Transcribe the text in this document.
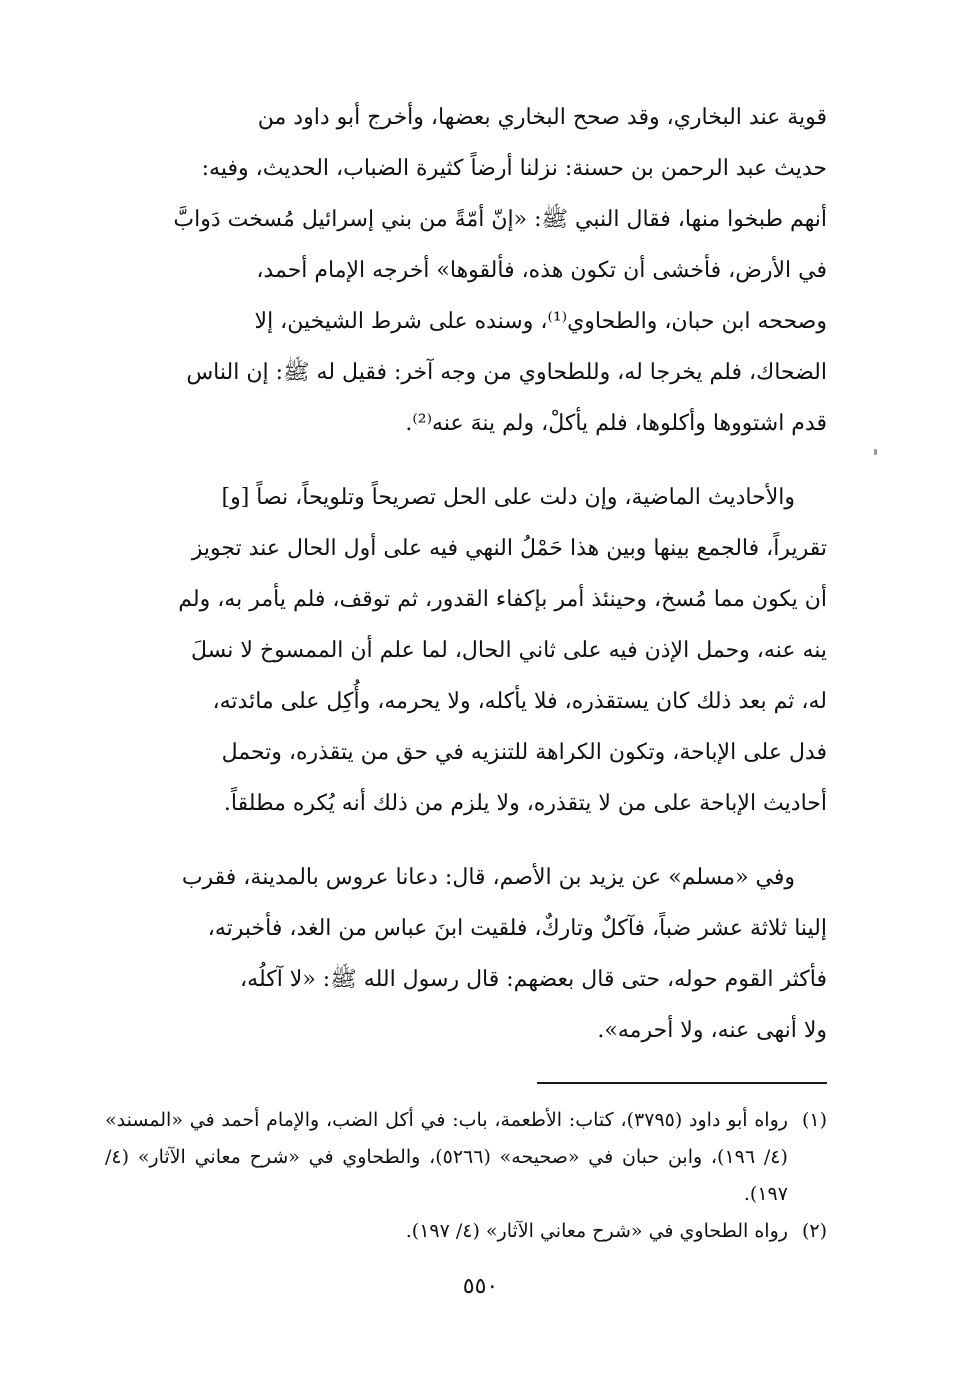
قوية عند البخاري، وقد صحح البخاري بعضها، وأخرج أبو داود من
حديث عبد الرحمن بن حسنة: نزلنا أرضاً كثيرة الضباب، الحديث، وفيه:
أنهم طبخوا منها، فقال النبي ﷺ: «إنّ أمّةً من بني إسرائيل مُسخت دَوابَّ
في الأرض، فأخشى أن تكون هذه، فألقوها» أخرجه الإمام أحمد،
وصححه ابن حبان، والطحاوي⁽¹⁾، وسنده على شرط الشيخين، إلا
الضحاك، فلم يخرجا له، وللطحاوي من وجه آخر: فقيل له ﷺ: إن الناس
قدم اشتووها وأكلوها، فلم يأكلْ، ولم ينهَ عنه⁽²⁾.

والأحاديث الماضية، وإن دلت على الحل تصريحاً وتلويحاً، نصاً [و]
تقريراً، فالجمع بينها وبين هذا حَمْلُ النهي فيه على أول الحال عند تجويز
أن يكون مما مُسخ، وحينئذ أمر بإكفاء القدور، ثم توقف، فلم يأمر به، ولم
ينه عنه، وحمل الإذن فيه على ثاني الحال، لما علم أن الممسوخ لا نسلَ
له، ثم بعد ذلك كان يستقذره، فلا يأكله، ولا يحرمه، وأُكِل على مائدته،
فدل على الإباحة، وتكون الكراهة للتنزيه في حق من يتقذره، وتحمل
أحاديث الإباحة على من لا يتقذره، ولا يلزم من ذلك أنه يُكره مطلقاً.

وفي «مسلم» عن يزيد بن الأصم، قال: دعانا عروس بالمدينة، فقرب
إلينا ثلاثة عشر ضباً، فآكلٌ وتاركٌ، فلقيت ابنَ عباس من الغد، فأخبرته،
فأكثر القوم حوله، حتى قال بعضهم: قال رسول الله ﷺ: «لا آكلُه،
ولا أنهى عنه، ولا أحرمه».

(١)
رواه أبو داود (٣٧٩٥)، كتاب: الأطعمة، باب: في أكل الضب، والإمام أحمد في «المسند» (٤/ ١٩٦)، وابن حبان في «صحيحه» (٥٢٦٦)، والطحاوي في «شرح معاني الآثار» (٤/ ١٩٧).
(٢)
رواه الطحاوي في «شرح معاني الآثار» (٤/ ١٩٧).
٥٥٠
